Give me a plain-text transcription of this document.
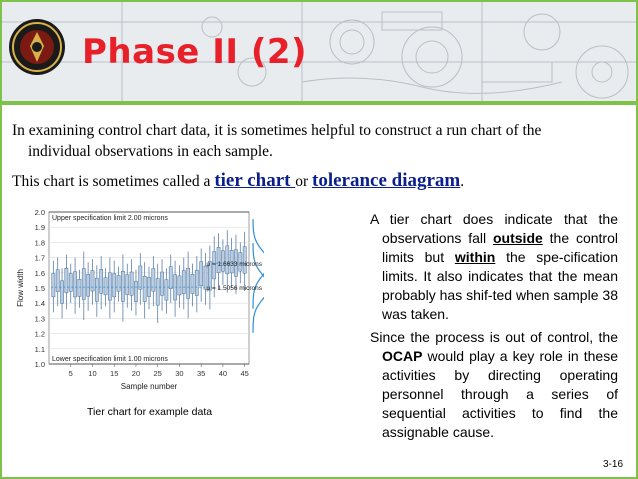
Phase II (2)
In examining control chart data, it is sometimes helpful to construct a run chart of the
individual observations in each sample.
This chart is sometimes called a tier chart or tolerance diagram.
1.0
1.1
1.2
1.3
1.4
1.5
1.6
1.7
1.8
1.9
2.0
5 10 15 20 25 30 35 40 45
Upper specification limit 2.00 microns
Lower specification limit 1.00 microns
μ = 1.6633 microns
μ = 1.5056 microns
Flow width
Sample number
Tier chart for example data

A tier chart does indicate that the observations fall outside the control limits but within the spe-cification limits. It also indicates that the mean probably has shif-ted when sample 38 was taken.

Since the process is out of control, the OCAP would play a key role in these activities by directing operating personnel through a series of sequential activities to find the assignable cause.

3-16
